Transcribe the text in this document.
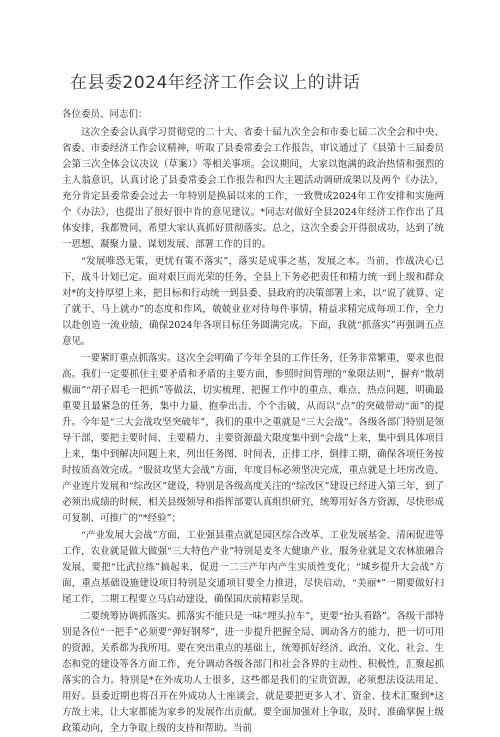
在县委2024年经济工作会议上的讲话

各位委员、同志们：

这次全委会认真学习贯彻党的二十大、省委十届九次全会和市委七届二次全会和中央、省委、市委经济工作会议精神，听取了县委常委会工作报告，审议通过了《县第十三届委员会第三次全体会议决议（草案）》等相关事项。会议期间，大家以饱满的政治热情和强烈的主人翁意识，认真讨论了县委常委会工作报告和四大主题活动调研成果以及两个《办法》，充分肯定县委常委会过去一年特别是换届以来的工作，一致赞成2024年工作安排和实施两个《办法》，也提出了很好很中肯的意见建议。*同志对做好全县2024年经济工作作出了具体安排，我都赞同，希望大家认真抓好贯彻落实。总之，这次全委会开得很成功，达到了统一思想、凝聚力量、谋划发展、部署工作的目的。

“发展唯恐无策，更忧有策不落实”，落实是成事之基，发展之本。当前，作战决心已下，战斗计划已定。面对艰巨而光荣的任务，全县上下务必把责任和精力统一到上级和群众对*的支持厚望上来，把目标和行动统一到县委、县政府的决策部署上来，以“说了就算、定了就干、马上就办”的态度和作风，兢兢业业对待每件事情，精益求精完成每项工作，全力以赴创造一流业绩，确保2024年各项目标任务圆满完成。下面，我就“抓落实”再强调五点意见。

一要紧盯重点抓落实。这次全会明确了今年全县的工作任务，任务非常繁重，要求也很高。我们一定要抓住主要矛盾和矛盾的主要方面，参照时间管理的“象限法则”，摒弃“散胡椒面”“胡子眉毛一把抓”等做法，切实梳理、把握工作中的重点、难点、热点问题，明确最重要且最紧急的任务，集中力量、抱拳出击、个个击破，从而以“点”的突破带动“面”的提升。今年是“三大会战攻坚突破年”，我们的重中之重就是“三大会战”。各级各部门特别是领导干部，要把主要时间、主要精力、主要资源最大限度集中到“会战”上来，集中到具体项目上来，集中到解决问题上来，列出任务图、时间表，正排工序，倒排工期，确保各项任务按时按质高效完成。“服贫攻坚大会战”方面，年度目标必须坚决完成，重点就是土坯房改造、产业连片发展和“综改区”建设，特别是各级高度关注的“综改区”建设已经进入第三年，到了必须出成绩的时候，相关县级领导和指挥部要认真组织研究，统筹用好各方资源，尽快形成可复制、可推广的“*经验”；

“产业发展大会战”方面，工业强县重点就是园区综合改革、工业发展基金、清闲促进等工作，农业就是做大做强“三大特色产业”特别是麦冬大健康产业，服务业就是文农林旅融合发展，要把“比武拉练”搞起来，促进一二三产年内产生实质性变化；“城乡提升大会战”方面，重点基础设施建设项目特别是交通项目要全力推进，尽快启动，“美丽*”一期要做好扫尾工作，二期工程要立马启动建设，确保国庆前精彩呈现。

二要统筹协调抓落实。抓落实不能只是一味“埋头拉车”，更要“抬头看路”。各级干部特别是各位“一把手”必须要“弹好钢琴”，进一步提升把握全局、调动各方的能力，把一切可用的资源、关系都为我所用。要在突出重点的基础上，统筹抓好经济、政治、文化、社会、生态和党的建设等各方面工作，充分调动各级各部门和社会各界的主动性、积极性，汇聚起抓落实的合力。特别是*在外成功人士很多，这些都是我们的宝贵资源，必须想法设法用足、用好。县委近期也将召开在外成功人士座谈会，就是要把更多人才、资金、技术汇聚到*这方故土来，让大家都能为家乡的发展作出贡献。要全面加强对上争取，及时、准确掌握上级政策动向，全力争取上级的支持和帮助。当前
